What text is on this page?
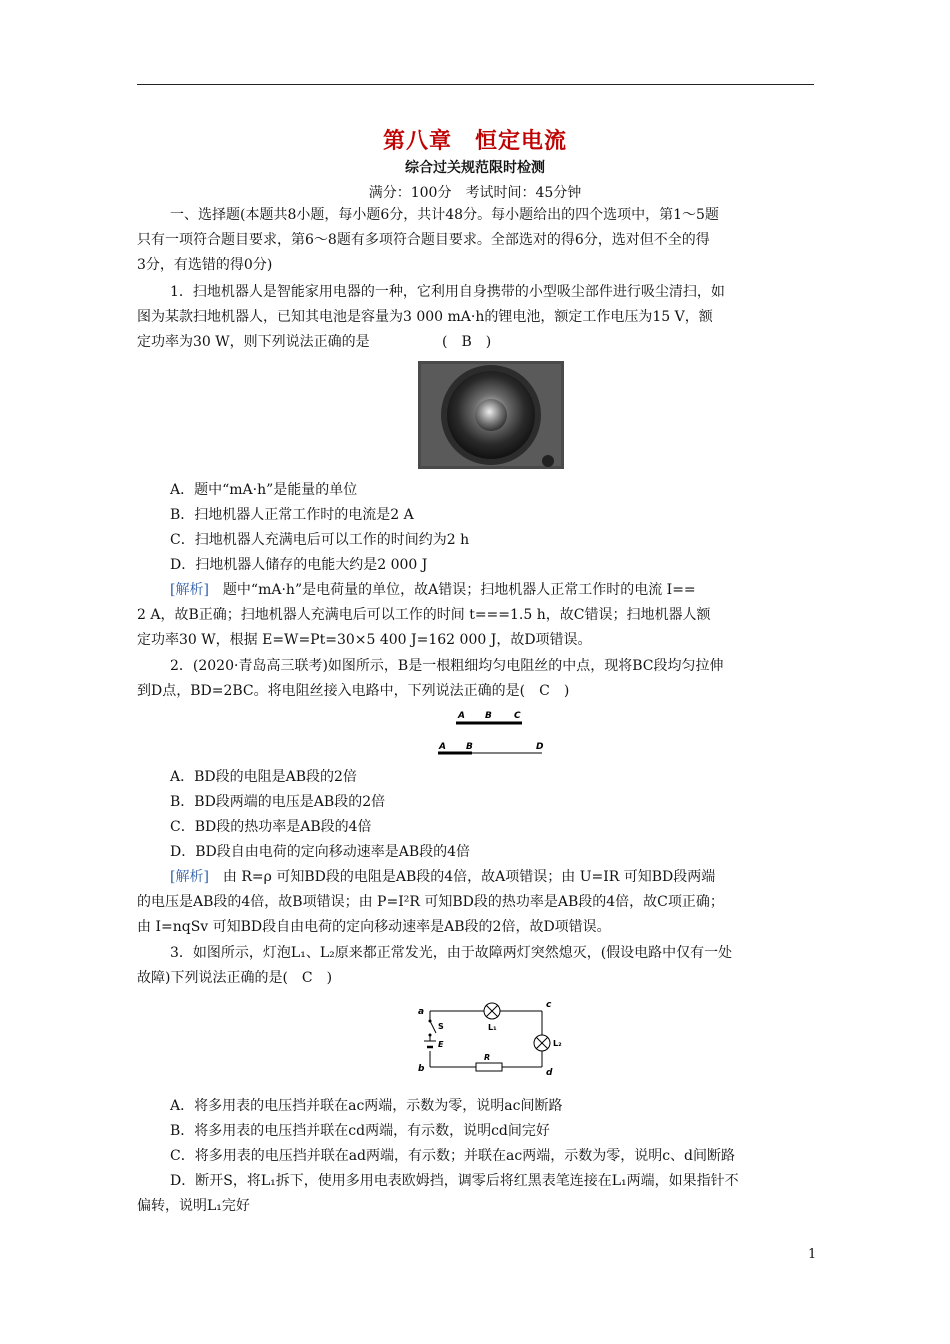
第八章　恒定电流
综合过关规范限时检测
满分：100分　考试时间：45分钟
一、选择题(本题共8小题，每小题6分，共计48分。每小题给出的四个选项中，第1～5题
只有一项符合题目要求，第6～8题有多项符合题目要求。全部选对的得6分，选对但不全的得
3分，有选错的得0分)
1．扫地机器人是智能家用电器的一种，它利用自身携带的小型吸尘部件进行吸尘清扫，如
图为某款扫地机器人，已知其电池是容量为3 000 mA·h的锂电池，额定工作电压为15 V，额
定功率为30 W，则下列说法正确的是	(　B　)
A．题中“mA·h”是能量的单位
B．扫地机器人正常工作时的电流是2 A
C．扫地机器人充满电后可以工作的时间约为2 h
D．扫地机器人储存的电能大约是2 000 J
[解析]　题中“mA·h”是电荷量的单位，故A错误；扫地机器人正常工作时的电流 I==
2 A，故B正确；扫地机器人充满电后可以工作的时间 t===1.5 h，故C错误；扫地机器人额
定功率30 W，根据 E=W=Pt=30×5 400 J=162 000 J，故D项错误。
2．(2020·青岛高三联考)如图所示，B是一根粗细均匀电阻丝的中点，现将BC段均匀拉伸
到D点，BD=2BC。将电阻丝接入电路中，下列说法正确的是(　C　)
A B C
A B	D
A．BD段的电阻是AB段的2倍
B．BD段两端的电压是AB段的2倍
C．BD段的热功率是AB段的4倍
D．BD段自由电荷的定向移动速率是AB段的4倍
[解析]　由 R=ρ 可知BD段的电阻是AB段的4倍，故A项错误；由 U=IR 可知BD段两端
的电压是AB段的4倍，故B项错误；由 P=I²R 可知BD段的热功率是AB段的4倍，故C项正确；
由 I=nqSv 可知BD段自由电荷的定向移动速率是AB段的2倍，故D项错误。
3．如图所示，灯泡L₁、L₂原来都正常发光，由于故障两灯突然熄灭，(假设电路中仅有一处
故障)下列说法正确的是(　C　)
a
b
c
d
S
E
R
L₁
L₂
A．将多用表的电压挡并联在ac两端，示数为零，说明ac间断路
B．将多用表的电压挡并联在cd两端，有示数，说明cd间完好
C．将多用表的电压挡并联在ad两端，有示数；并联在ac两端，示数为零，说明c、d间断路
D．断开S，将L₁拆下，使用多用电表欧姆挡，调零后将红黑表笔连接在L₁两端，如果指针不
偏转，说明L₁完好
1
